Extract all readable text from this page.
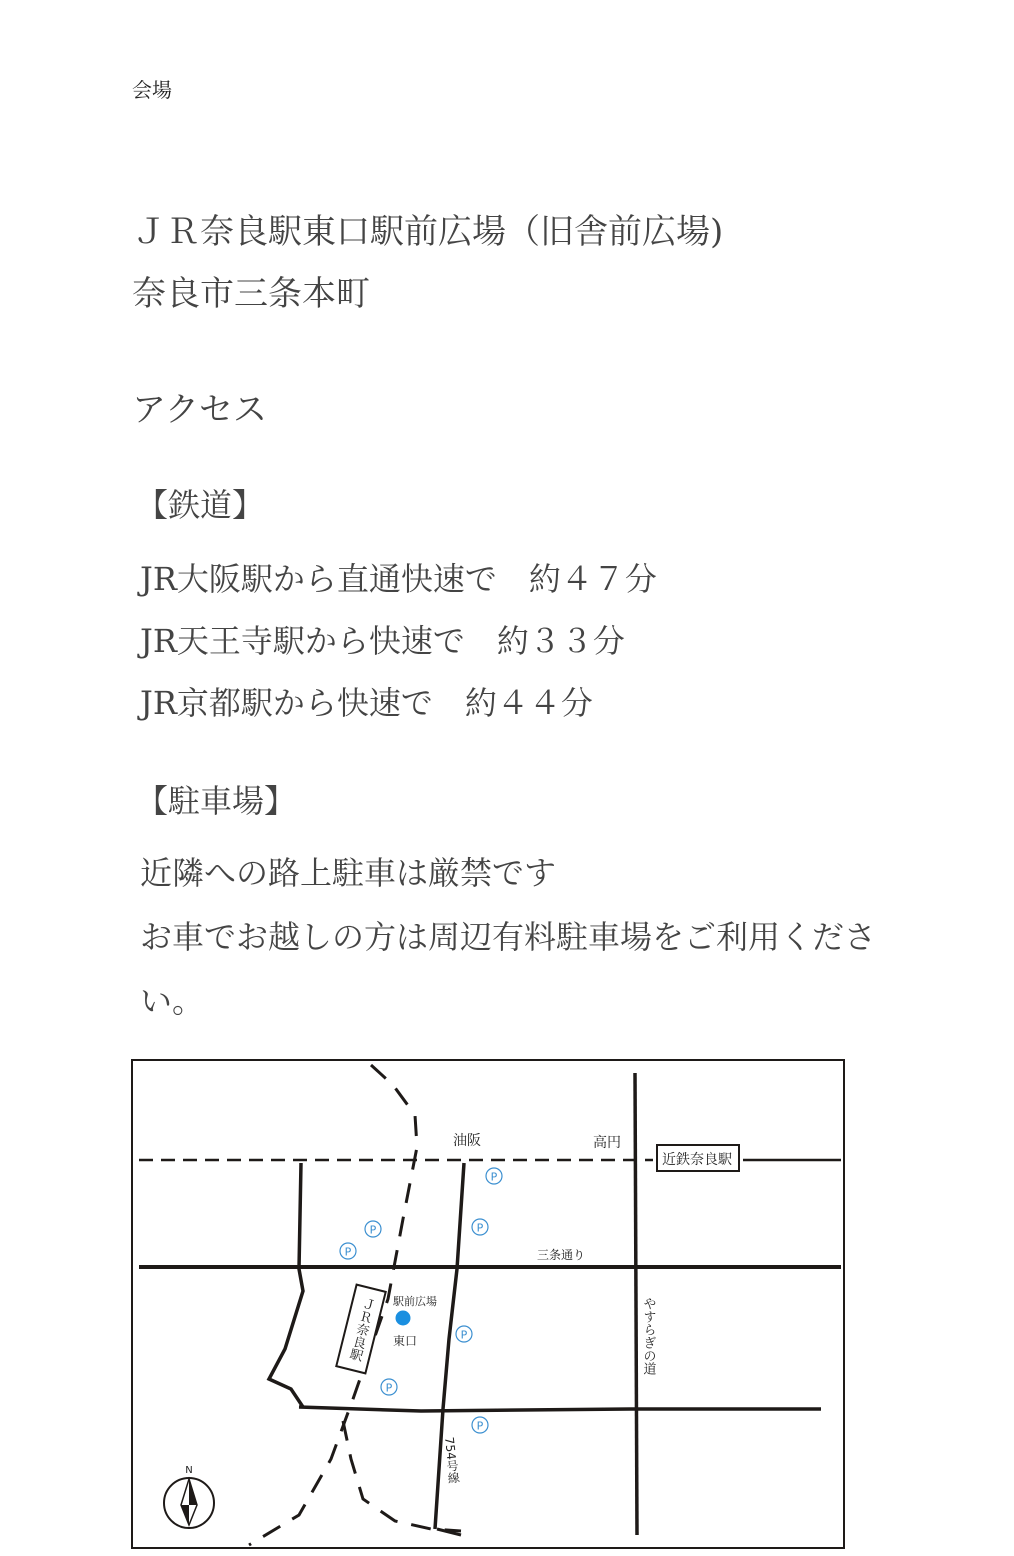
会場
ＪＲ奈良駅東口駅前広場（旧舎前広場)
奈良市三条本町
アクセス
【鉄道】
JR大阪駅から直通快速で　約４７分
JR天王寺駅から快速で　約３３分
JR京都駅から快速で　約４４分
【駐車場】
近隣への路上駐車は厳禁です
お車でお越しの方は周辺有料駐車場をご利用くださ
い。
油阪	高円
近鉄奈良駅
三条通り
ＪＲ奈良駅 駅前広場
東口	やすらぎの道
754号線
P
P	P
P
P
P
P
N
